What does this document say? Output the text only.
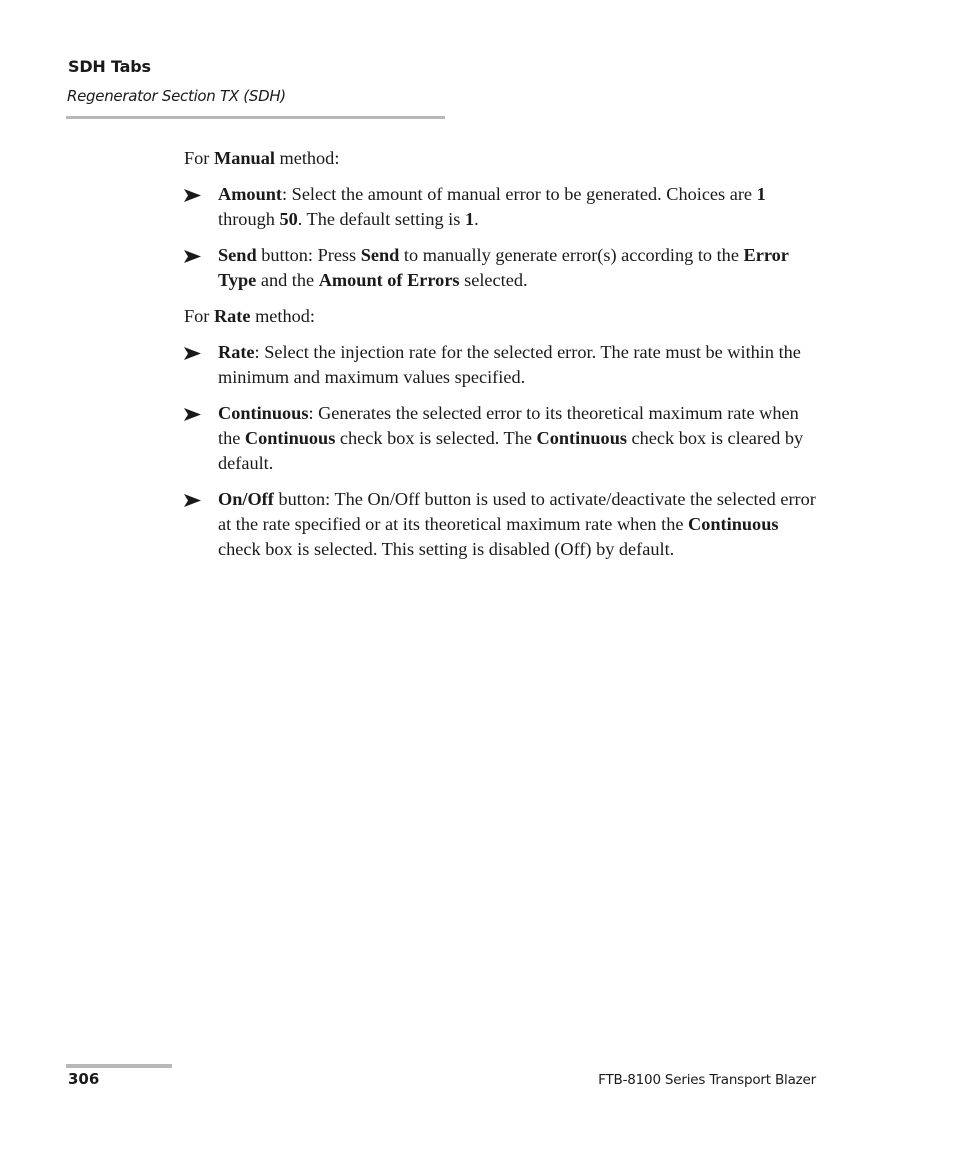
SDH Tabs
Regenerator Section TX (SDH)

For Manual method:

Amount: Select the amount of manual error to be generated. Choices are 1 through 50. The default setting is 1.
Send button: Press Send to manually generate error(s) according to the Error Type and the Amount of Errors selected.

For Rate method:

Rate: Select the injection rate for the selected error. The rate must be within the minimum and maximum values specified.
Continuous: Generates the selected error to its theoretical maximum rate when the Continuous check box is selected. The Continuous check box is cleared by default.
On/Off button: The On/Off button is used to activate/deactivate the selected error at the rate specified or at its theoretical maximum rate when the Continuous check box is selected. This setting is disabled (Off) by default.
306	FTB-8100 Series Transport Blazer
